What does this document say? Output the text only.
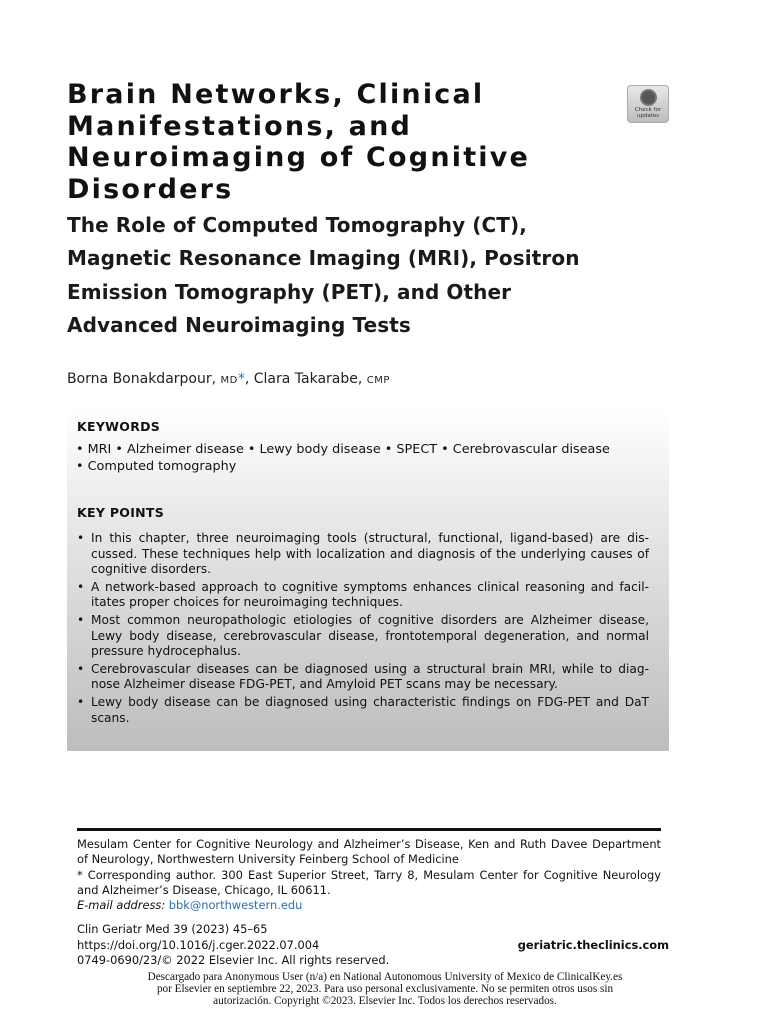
Brain Networks, Clinical
Manifestations, and
Neuroimaging of Cognitive
Disorders
Check for
updates
The Role of Computed Tomography (CT),
Magnetic Resonance Imaging (MRI), Positron
Emission Tomography (PET), and Other
Advanced Neuroimaging Tests
Borna Bonakdarpour, MD*, Clara Takarabe, CMP
KEYWORDS
• MRI • Alzheimer disease • Lewy body disease • SPECT • Cerebrovascular disease
• Computed tomography
KEY POINTS
• In this chapter, three neuroimaging tools (structural, functional, ligand-based) are dis-cussed. These techniques help with localization and diagnosis of the underlying causes of cognitive disorders.
• A network-based approach to cognitive symptoms enhances clinical reasoning and facil-itates proper choices for neuroimaging techniques.
• Most common neuropathologic etiologies of cognitive disorders are Alzheimer disease, Lewy body disease, cerebrovascular disease, frontotemporal degeneration, and normal pressure hydrocephalus.
• Cerebrovascular diseases can be diagnosed using a structural brain MRI, while to diag-nose Alzheimer disease FDG-PET, and Amyloid PET scans may be necessary.
• Lewy body disease can be diagnosed using characteristic findings on FDG-PET and DaT scans.
Mesulam Center for Cognitive Neurology and Alzheimer’s Disease, Ken and Ruth Davee Department of Neurology, Northwestern University Feinberg School of Medicine
* Corresponding author. 300 East Superior Street, Tarry 8, Mesulam Center for Cognitive Neurology and Alzheimer’s Disease, Chicago, IL 60611.
E-mail address: bbk@northwestern.edu
Clin Geriatr Med 39 (2023) 45–65
https://doi.org/10.1016/j.cger.2022.07.004
0749-0690/23/© 2022 Elsevier Inc. All rights reserved.
geriatric.theclinics.com
Descargado para Anonymous User (n/a) en National Autonomous University of Mexico de ClinicalKey.es por Elsevier en septiembre 22, 2023. Para uso personal exclusivamente. No se permiten otros usos sin autorización. Copyright ©2023. Elsevier Inc. Todos los derechos reservados.
